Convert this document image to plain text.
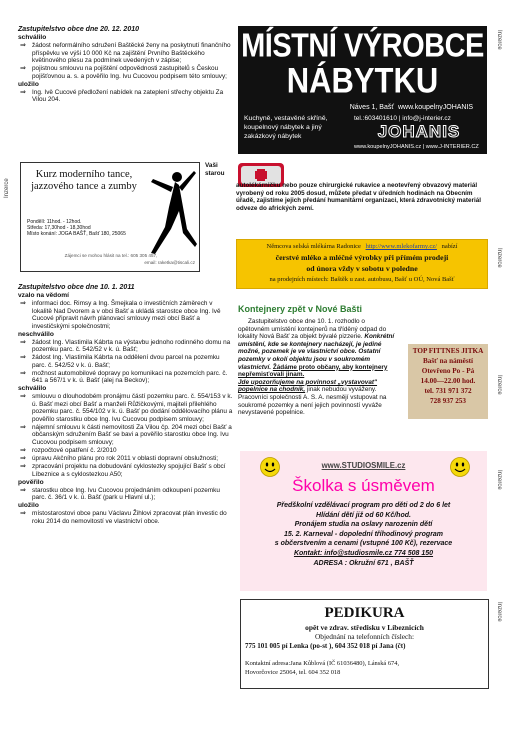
Zastupitelstvo obce dne 20. 12. 2010
schválilo
⇒ žádost neformálního sdružení Baštěcké ženy na poskytnutí finančního příspěvku ve výši 10 000 Kč na zajištění Prvního Baštěckého květinového plesu za podmínek uvedených v zápise;
⇒ pojistnou smlouvu na pojištění odpovědnosti zastupitelů s Českou pojišťovnou a. s. a pověřilo Ing. Ivu Cucovou podpisem této smlouvy;
uložilo
⇒ Ing. Ivě Cucové předložení nabídek na zateplení střechy objektu Za Vilou 204.
Kurz moderního tance, jazzového tance a zumby
Pondělí: 11hod. - 12hod.
Středa: 17,30hod - 18,30hod
Místo konání: JOGA BAŠŤ, Bašť 180, 25065
Zájemci se mohou hlásit na tel.: 605 305 457,
email: raketka@tiscali.cz
Vaši starou
Zastupitelstvo obce dne 10. 1. 2011
vzalo na vědomí
⇒ informaci doc. Rimsy a Ing. Šmejkala o investičních záměrech v lokalitě Nad Dvorem a v obci Bašť a ukládá starostce obce Ing. Ivě Cucové připravit návrh plánovací smlouvy mezi obcí Bašť a investičskými společnostmi;
neschválilo
⇒ žádost Ing. Vlastimila Kábrta na výstavbu jednoho rodinného domu na pozemku parc. č. 542/52 v k. ú. Bašť;
⇒ žádost Ing. Vlastimila Kábrta na oddělení dvou parcel na pozemku parc. č. 542/52 v k. ú. Bašť;
⇒ možnost automobilové dopravy po komunikaci na pozemcích parc. č. 641 a 567/1 v k. ú. Bašť (alej na Beckov);
schválilo
⇒ smlouvu o dlouhodobém pronájmu částí pozemku parc. č. 554/153 v k. ú. Bašť mezi obcí Bašť a manželi Růžičkovými, majiteli přilehlého pozemku parc. č. 554/102 v k. ú. Bašť po dodání oddělovacího plánu a pověřilo starostku obce Ing. Ivu Cucovou podpisem smlouvy;
⇒ nájemní smlouvu k části nemovitosti Za Vilou čp. 204 mezi obcí Bašť a občanským sdružením Bašť se bavi a pověřilo starostku obce Ing. Ivu Cucovou podpisem smlouvy;
⇒ rozpočtové opatření č. 2/2010
⇒ úpravu Akčního plánu pro rok 2011 v oblasti dopravní obslužnosti;
⇒ zpracování projektu na dobudování cyklostezky spojující Bašť s obcí Líbeznice a s cyklostezkou A50;
pověřilo
⇒ starostku obce Ing. Ivu Cucovou projednáním odkoupení pozemku parc. č. 36/1 v k. ú. Bašť (park u Hlavní ul.);
uložilo
⇒ místostarostovi obce panu Václavu Žihlovi zpracovat plán investic do roku 2014 do nemovitostí ve vlastnictví obce.
MÍSTNÍ VÝROBCE
NÁBYTKU
Náves 1, Bašť www.koupelnyJOHANIS
Kuchyně, vestavěné skříně,
koupelnový nábytek a jiný
zakázkový nábytek
tel.:603401610 | info@j-interier.cz
JOHANIS
www.koupelnyJOHANIS.cz | www.J-INTERIER.CZ
autolékárničku nebo pouze chirurgické rukavice a neotevřený obvazový materiál vyrobený od roku 2005 dosud, můžete předat v úředních hodinách na Obecním úřadě, zajistíme jejich předání humanitární organizaci, která zdravotnický materiál odveze do afrických zemí.
Němcova selská mlékárna Radonice http://www.mlekofarmy.cz/ nabízí
čerstvé mléko a mléčné výrobky při přímém prodeji
od února vždy v sobotu v poledne
na prodejních místech: Baštěk u zast. autobusu, Bašť u OÚ, Nová Bašť
Kontejnery zpět v Nové Bašti

Zastupitelstvo obce dne 10. 1. rozhodlo o opětovném umístění kontejnerů na tříděný odpad do lokality Nová Bašť za objekt bývalé pizzerie. Konkrétní umístění, kde se kontejnery nacházejí, je jediné možné, pozemek je ve vlastnictví obce. Ostatní pozemky v okolí objektu jsou v soukromém vlastnictví. Žádáme proto občany, aby kontejnery nepřemisťovali jinam.

Jde upozorňujeme na povinnost „vystavovat" popelnice na chodník, jinak nebudou vyváženy. Pracovníci společnosti A. S. A. nesmějí vstupovat na soukromé pozemky a není jejich povinností vyváže nevystavené popelnice.

TOP FITTNES JITKA
Bašť na náměstí
Otevřeno Po - Pá
14.00—22.00 hod.
tel. 731 971 372
728 937 253
www.STUDIOSMILE.cz
Školka s úsměvem
Předškolní vzdělávací program pro děti od 2 do 6 let
Hlídání dětí již od 60 Kč/hod.
Pronájem studia na oslavy narozenin dětí
15. 2. Karneval - dopolední tříhodinový program
s občerstvením a cenami (vstupné 100 Kč), rezervace
Kontakt: info@studiosmile.cz 774 508 150
ADRESA : Okružní 671 , BAŠŤ
PEDIKURA
opět ve zdrav. středisku v Líbeznicích
Objednání na telefonních číslech:
775 101 005 pí Lenka (po-st ), 604 352 018 pí Jana (čt)
Kontaktní adresa:Jana Kůblová (IČ 61036480), Lánská 674,
Hovorčovice 25064, tel. 604 352 018
Inzerce
Inzerce
Inzerce
Inzerce
Inzerce
Inzerce
